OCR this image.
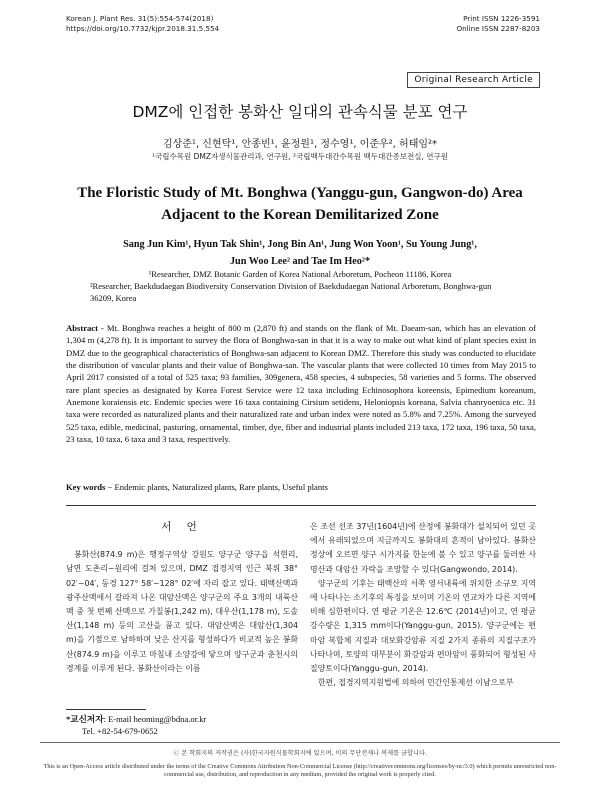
Korean J. Plant Res. 31(5):554-574(2018)
https://doi.org/10.7732/kjpr.2018.31.5.554
Print ISSN 1226-3591
Online ISSN 2287-8203
Original Research Article
DMZ에 인접한 봉화산 일대의 관속식물 분포 연구
김상준¹, 신현탁¹, 안종빈¹, 윤정원¹, 정수영¹, 이준우², 허태임²*
¹국립수목원 DMZ자생식물관리과, 연구원, ²국립백두대간수목원 백두대간종보전실, 연구원
The Floristic Study of Mt. Bonghwa (Yanggu-gun, Gangwon-do) Area
Adjacent to the Korean Demilitarized Zone
Sang Jun Kim¹, Hyun Tak Shin¹, Jong Bin An¹, Jung Won Yoon¹, Su Young Jung¹,
Jun Woo Lee² and Tae Im Heo²*
¹Researcher, DMZ Botanic Garden of Korea National Arboretum, Pocheon 11186, Korea
²Researcher, Baekdudaegan Biodiversity Conservation Division of Baekdudaegan National Arboretum, Bonghwa-gun 36209, Korea
Abstract - Mt. Bonghwa reaches a height of 800 m (2,870 ft) and stands on the flank of Mt. Daeam-san, which has an elevation of 1,304 m (4,278 ft). It is important to survey the flora of Bonghwa-san in that it is a way to make out what kind of plant species exist in DMZ due to the geographical characteristics of Bonghwa-san adjacent to Korean DMZ. Therefore this study was conducted to elucidate the distribution of vascular plants and their value of Bonghwa-san. The vascular plants that were collected 10 times from May 2015 to April 2017 consisted of a total of 525 taxa; 93 families, 309genera, 458 species, 4 subspecies, 58 varieties and 5 forms. The observed rare plant species as designated by Korea Forest Service were 12 taxa including Echinosophora koreensis, Epimedium koreanum, Anemone koraiensis etc. Endemic species were 16 taxa containing Cirsium setidens, Heloniopsis koreana, Salvia chanryoenica etc. 31 taxa were recorded as naturalized plants and their naturalized rate and urban index were noted as 5.8% and 7.25%. Among the surveyed 525 taxa, edible, medicinal, pasturing, ornamental, timber, dye, fiber and industrial plants included 213 taxa, 172 taxa, 196 taxa, 50 taxa, 23 taxa, 10 taxa, 6 taxa and 3 taxa, respectively.
Key words − Endemic plants, Naturalized plants, Rare plants, Useful plants
서 언

봉화산(874.9 m)은 행정구역상 강원도 양구군 양구읍 석현리, 남면 도촌리~원리에 걸쳐 있으며, DMZ 접경지역 인근 북위 38° 02′~04′, 동경 127° 58′~128° 02′에 자리 잡고 있다. 태백산맥과 광주산맥에서 갈라져 나온 대암산맥은 양구군의 주요 3개의 내륙산맥 중 첫 번째 산맥으로 가칠봉(1,242 m), 대우산(1,178 m), 도솔산(1,148 m) 등의 고산을 품고 있다. 대암산맥은 대암산(1,304 m)을 기점으로 남하하며 낮은 산지를 형성하다가 비교적 높은 봉화산(874.9 m)을 이루고 마침내 소양강에 닿으며 양구군과 춘천시의 경계를 이루게 된다. 봉화산이라는 이름

은 조선 선조 37년(1604년)에 산정에 봉화대가 설치되어 있던 곳에서 유래되었으며 지금까지도 봉화대의 흔적이 남아있다. 봉화산 정상에 오르면 양구 시가지를 한눈에 볼 수 있고 양구를 둘러싼 사명산과 대암산 자락을 조망할 수 있다(Gangwondo, 2014).

양구군의 기후는 태백산의 서쪽 영서내륙에 위치한 소규모 지역에 나타나는 소기후의 특징을 보이며 기온의 연교차가 다른 지역에 비해 심한편이다. 연 평균 기온은 12.6℃ (2014년)이고, 연 평균 강수량은 1,315 mm이다(Yanggu-gun, 2015). 양구군에는 편마암 복합체 지질과 대보화강암류 지질 2가지 종류의 지질구조가 나타나며, 토양의 대부분이 화강암과 편마암이 풍화되어 형성된 사질양토이다(Yanggu-gun, 2014).

한편, 접경지역지원법에 의하여 민간인통제선 이남으로부

*교신저자: E-mail heoming@bdna.or.kr
Tel. +82-54-679-0652
ⓒ 본 학회지의 저작권은 (사)한국자원식물학회지에 있으며, 이의 무단전재나 복제를 금합니다.
This is an Open-Access article distributed under the terms of the Creative Commons Attribution Non-Commercial License (http://creativecommons.org/licenses/by-nc/3.0) which permits unrestricted non-commercial use, distribution, and reproduction in any medium, provided the original work is properly cited.
